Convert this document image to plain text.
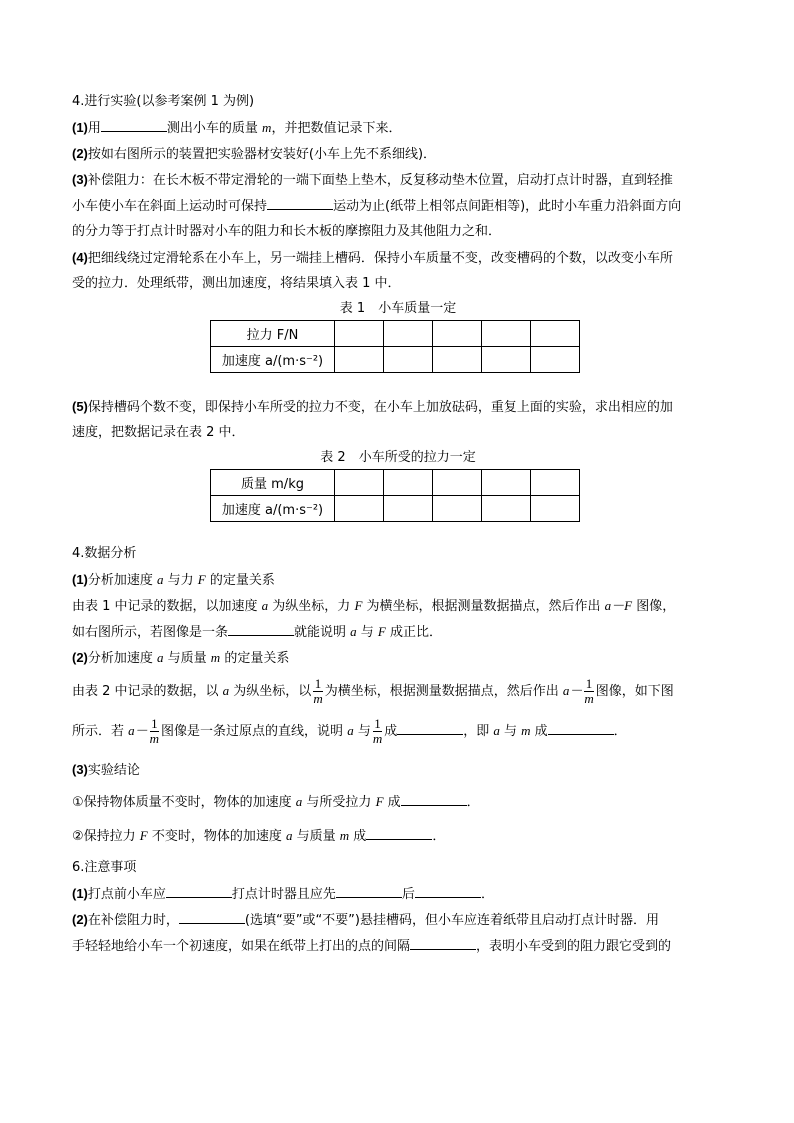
4.进行实验(以参考案例 1 为例)

(1)用	测出小车的质量 m，并把数值记录下来．

(2)按如右图所示的装置把实验器材安装好(小车上先不系细线)．

(3)补偿阻力：在长木板不带定滑轮的一端下面垫上垫木，反复移动垫木位置，启动打点计时器，直到轻推

小车使小车在斜面上运动时可保持	运动为止(纸带上相邻点间距相等)，此时小车重力沿斜面方向

的分力等于打点计时器对小车的阻力和长木板的摩擦阻力及其他阻力之和．

(4)把细线绕过定滑轮系在小车上，另一端挂上槽码．保持小车质量不变，改变槽码的个数，以改变小车所

受的拉力．处理纸带，测出加速度，将结果填入表 1 中．

表 1　小车质量一定
拉力 F/N					
加速度 a/(m·s⁻²)					

(5)保持槽码个数不变，即保持小车所受的拉力不变，在小车上加放砝码，重复上面的实验，求出相应的加

速度，把数据记录在表 2 中．

表 2　小车所受的拉力一定
质量 m/kg					
加速度 a/(m·s⁻²)					

4.数据分析

(1)分析加速度 a 与力 F 的定量关系

由表 1 中记录的数据，以加速度 a 为纵坐标，力 F 为横坐标，根据测量数据描点，然后作出 a－F 图像，

如右图所示，若图像是一条	就能说明 a 与 F 成正比．

(2)分析加速度 a 与质量 m 的定量关系

由表 2 中记录的数据，以 a 为纵坐标，以 $\frac{1}{m}$ 为横坐标，根据测量数据描点，然后作出 $a- \frac{1}{m}$ 图像，如下图

所示．若 $a- \frac{1}{m}$ 图像是一条过原点的直线，说明 a 与 $\frac{1}{m}$ 成	，即 a 与 m 成	．

(3)实验结论

①保持物体质量不变时，物体的加速度 a 与所受拉力 F 成	．

②保持拉力 F 不变时，物体的加速度 a 与质量 m 成	．

6.注意事项

(1)打点前小车应	打点计时器且应先	后	．

(2)在补偿阻力时，	(选填“要”或“不要”)悬挂槽码，但小车应连着纸带且启动打点计时器．用

手轻轻地给小车一个初速度，如果在纸带上打出的点的间隔	，表明小车受到的阻力跟它受到的
